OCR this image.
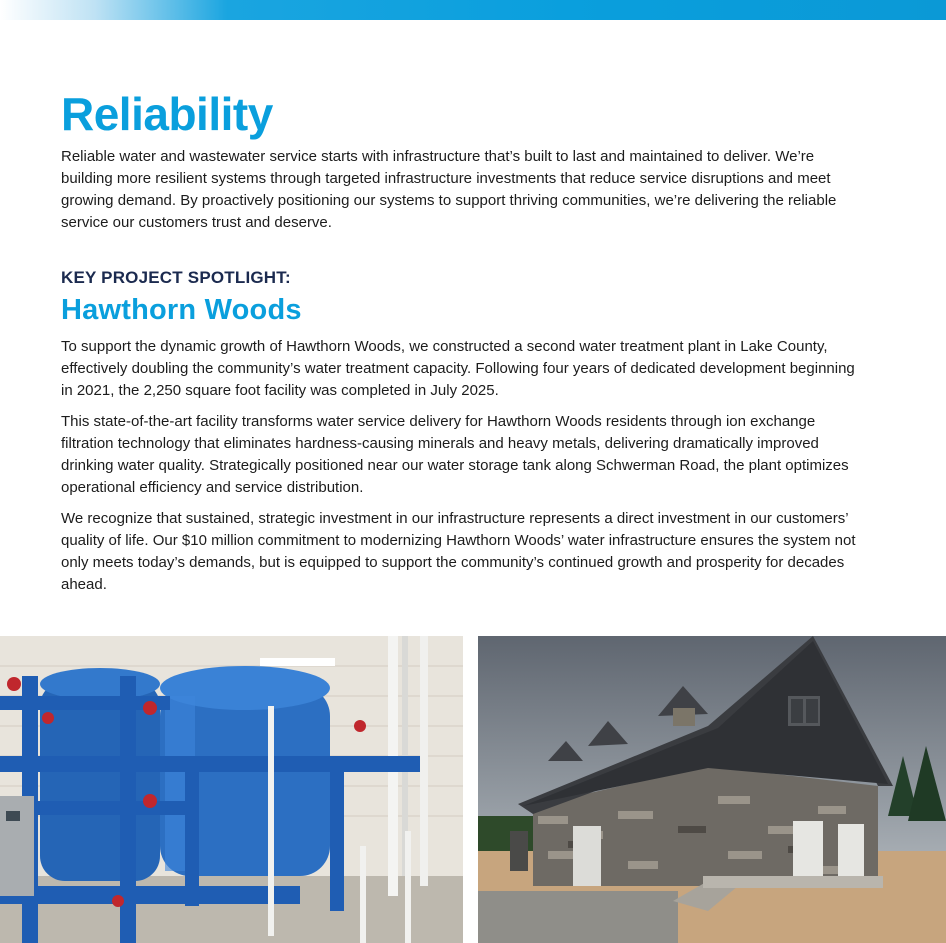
Reliability

Reliable water and wastewater service starts with infrastructure that’s built to last and maintained to deliver. We’re building more resilient systems through targeted infrastructure investments that reduce service disruptions and meet growing demand. By proactively positioning our systems to support thriving communities, we’re delivering the reliable service our customers trust and deserve.

KEY PROJECT SPOTLIGHT:
Hawthorn Woods

To support the dynamic growth of Hawthorn Woods, we constructed a second water treatment plant in Lake County, effectively doubling the community’s water treatment capacity. Following four years of dedicated development beginning in 2021, the 2,250 square foot facility was completed in July 2025.

This state-of-the-art facility transforms water service delivery for Hawthorn Woods residents through ion exchange filtration technology that eliminates hardness-causing minerals and heavy metals, delivering dramatically improved drinking water quality. Strategically positioned near our water storage tank along Schwerman Road, the plant optimizes operational efficiency and service distribution.

We recognize that sustained, strategic investment in our infrastructure represents a direct investment in our customers’ quality of life. Our $10 million commitment to modernizing Hawthorn Woods’ water infrastructure ensures the system not only meets today’s demands, but is equipped to support the community’s continued growth and prosperity for decades ahead.
